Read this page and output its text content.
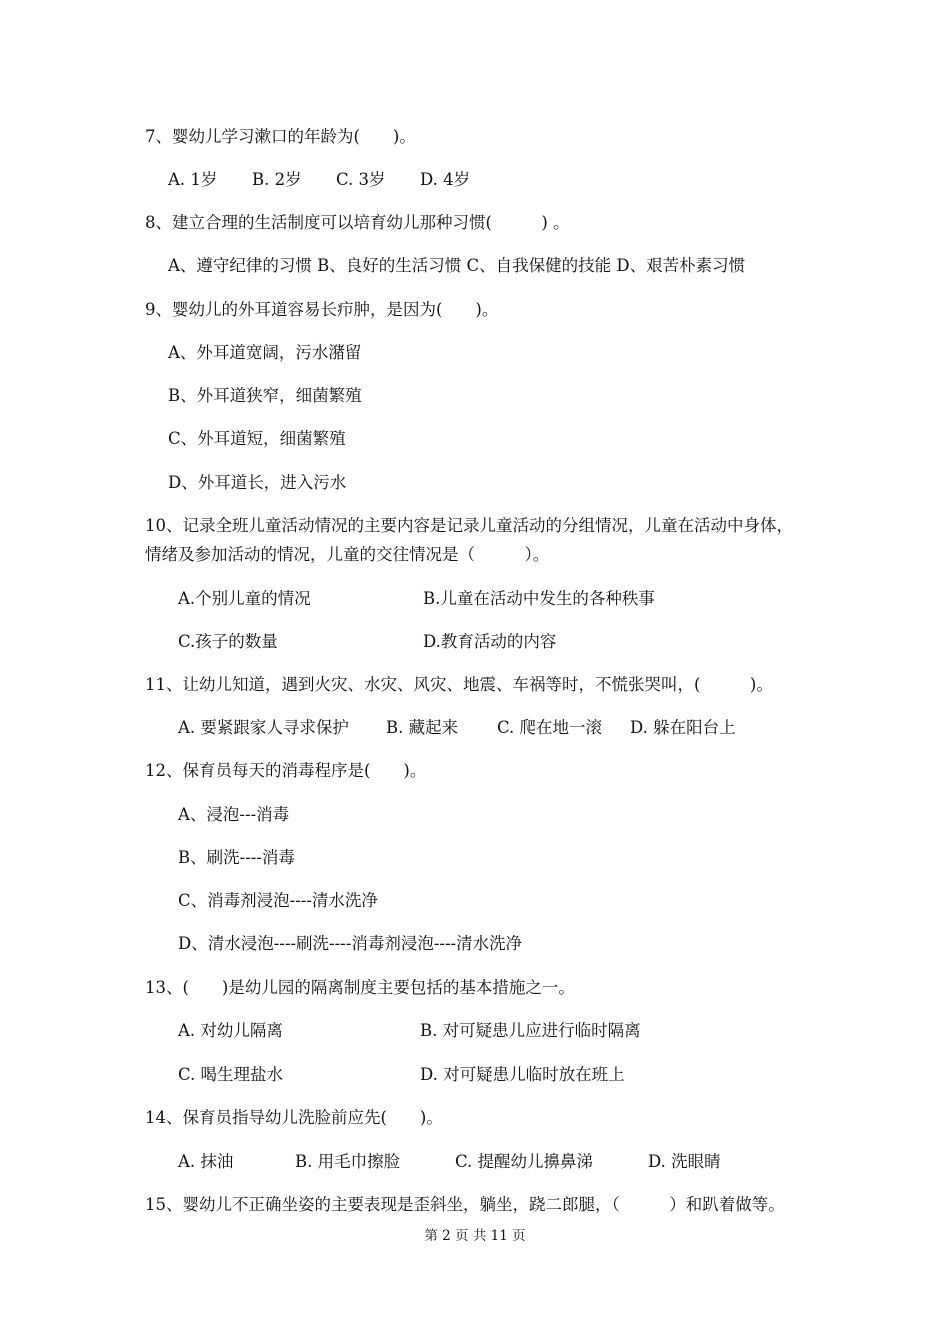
7、婴幼儿学习漱口的年龄为(　　)。
A. 1岁 B. 2岁 C. 3岁 D. 4岁
8、建立合理的生活制度可以培育幼儿那种习惯(　　　) 。
A、遵守纪律的习惯 B、良好的生活习惯 C、自我保健的技能 D、艰苦朴素习惯
9、婴幼儿的外耳道容易长疖肿，是因为(　　)。
A、外耳道宽阔，污水潴留
B、外耳道狭窄，细菌繁殖
C、外耳道短，细菌繁殖
D、外耳道长，进入污水
10、记录全班儿童活动情况的主要内容是记录儿童活动的分组情况，儿童在活动中身体，
情绪及参加活动的情况，儿童的交往情况是（　　　）。
A.个别儿童的情况	B.儿童在活动中发生的各种秩事
C.孩子的数量	D.教育活动的内容
11、让幼儿知道，遇到火灾、水灾、风灾、地震、车祸等时，不慌张哭叫，(　　　)。
A. 要紧跟家人寻求保护 B. 藏起来 C. 爬在地一滚 D. 躲在阳台上
12、保育员每天的消毒程序是(　　)。
A、浸泡---消毒
B、刷洗----消毒
C、消毒剂浸泡----清水洗净
D、清水浸泡----刷洗----消毒剂浸泡----清水洗净
13、(　　)是幼儿园的隔离制度主要包括的基本措施之一。
A. 对幼儿隔离	B. 对可疑患儿应进行临时隔离
C. 喝生理盐水	D. 对可疑患儿临时放在班上
14、保育员指导幼儿洗脸前应先(　　)。
A. 抹油	B. 用毛巾擦脸	C. 提醒幼儿擤鼻涕	D. 洗眼睛
15、婴幼儿不正确坐姿的主要表现是歪斜坐，躺坐，跷二郎腿，（　　　）和趴着做等。
第 2 页 共 11 页
